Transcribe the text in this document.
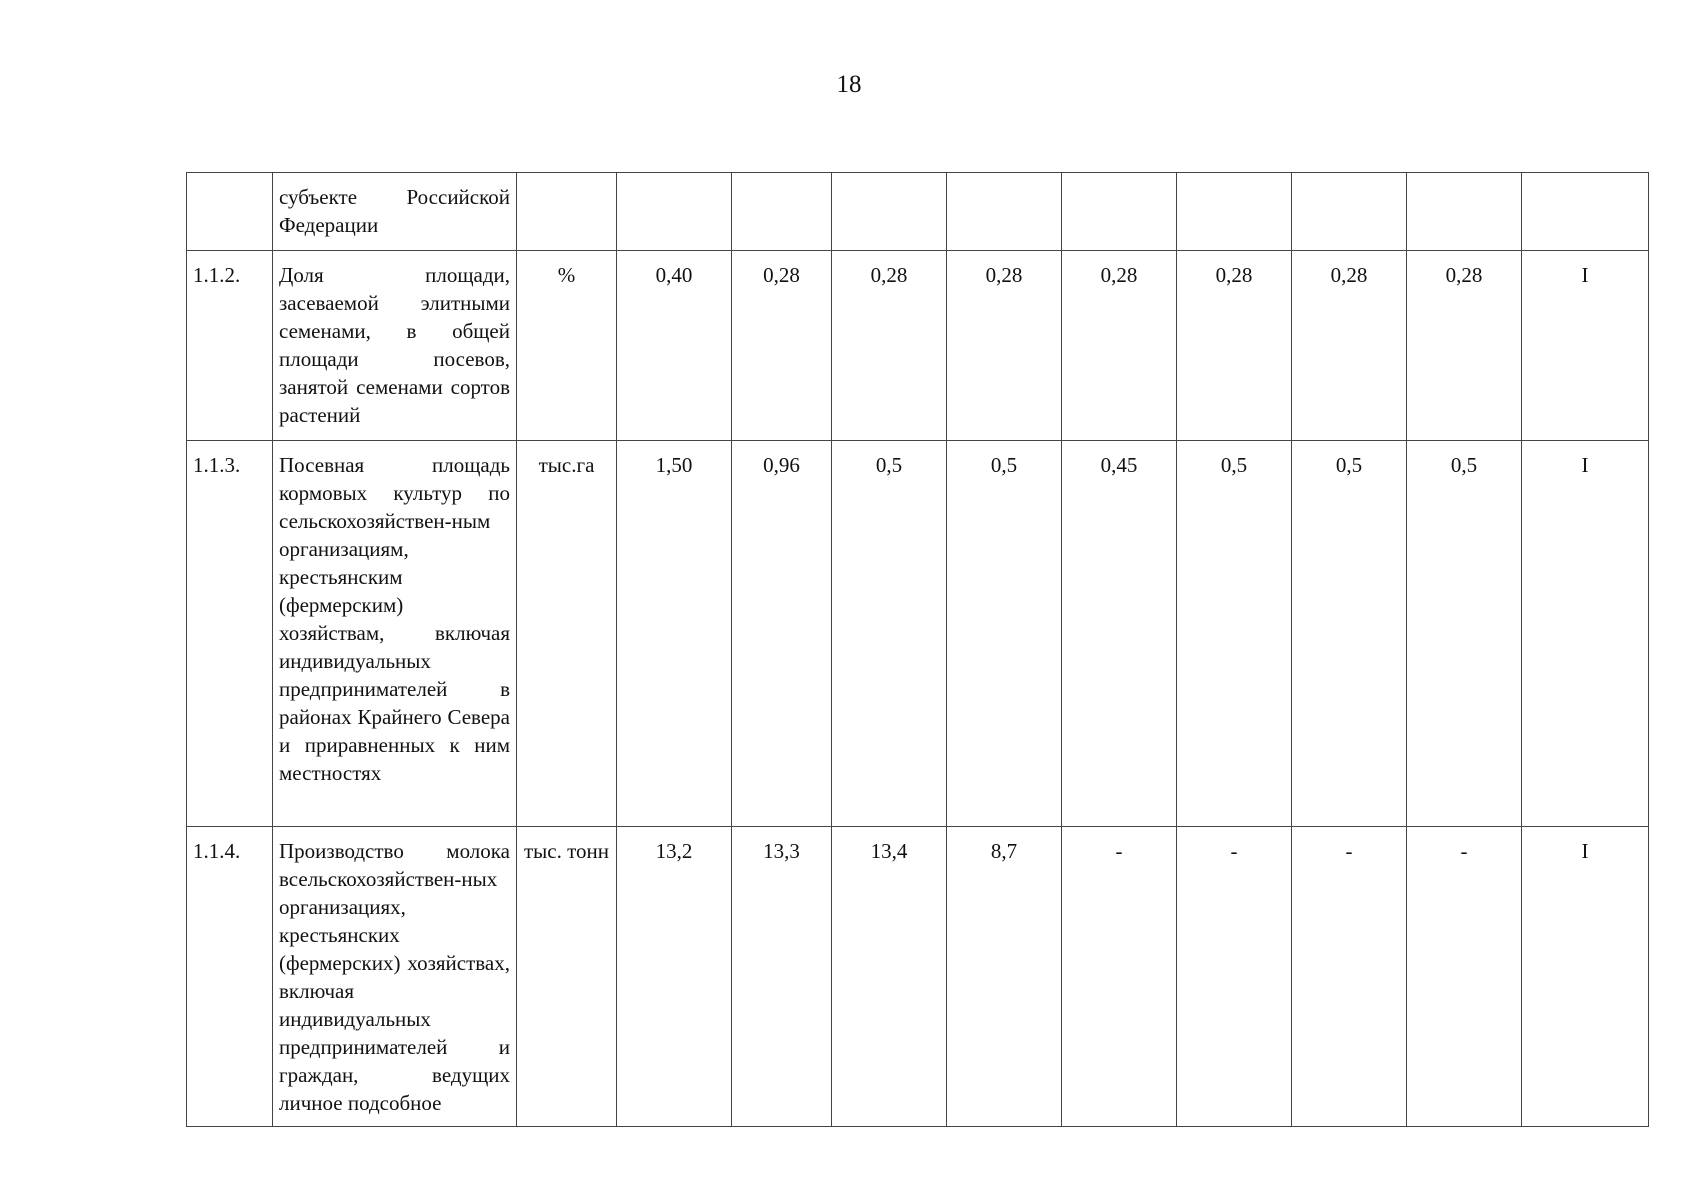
18
	субъекте Российской Федерации										
1.1.2.	Доля площади, засеваемой элитными семенами, в общей площади посевов, занятой семенами сортов растений	%	0,40	0,28	0,28	0,28	0,28	0,28	0,28	0,28	I
1.1.3.	Посевная площадь кормовых культур по сельскохозяйствен-ным организациям, крестьянским (фермерским) хозяйствам, включая индивидуальных предпринимателей в районах Крайнего Севера и приравненных к ним местностях	тыс.га	1,50	0,96	0,5	0,5	0,45	0,5	0,5	0,5	I
1.1.4.	Производство молока всельскохозяйствен-ных организациях, крестьянских (фермерских) хозяйствах, включая индивидуальных предпринимателей и граждан, ведущих личное подсобное	тыс. тонн	13,2	13,3	13,4	8,7	-	-	-	-	I
